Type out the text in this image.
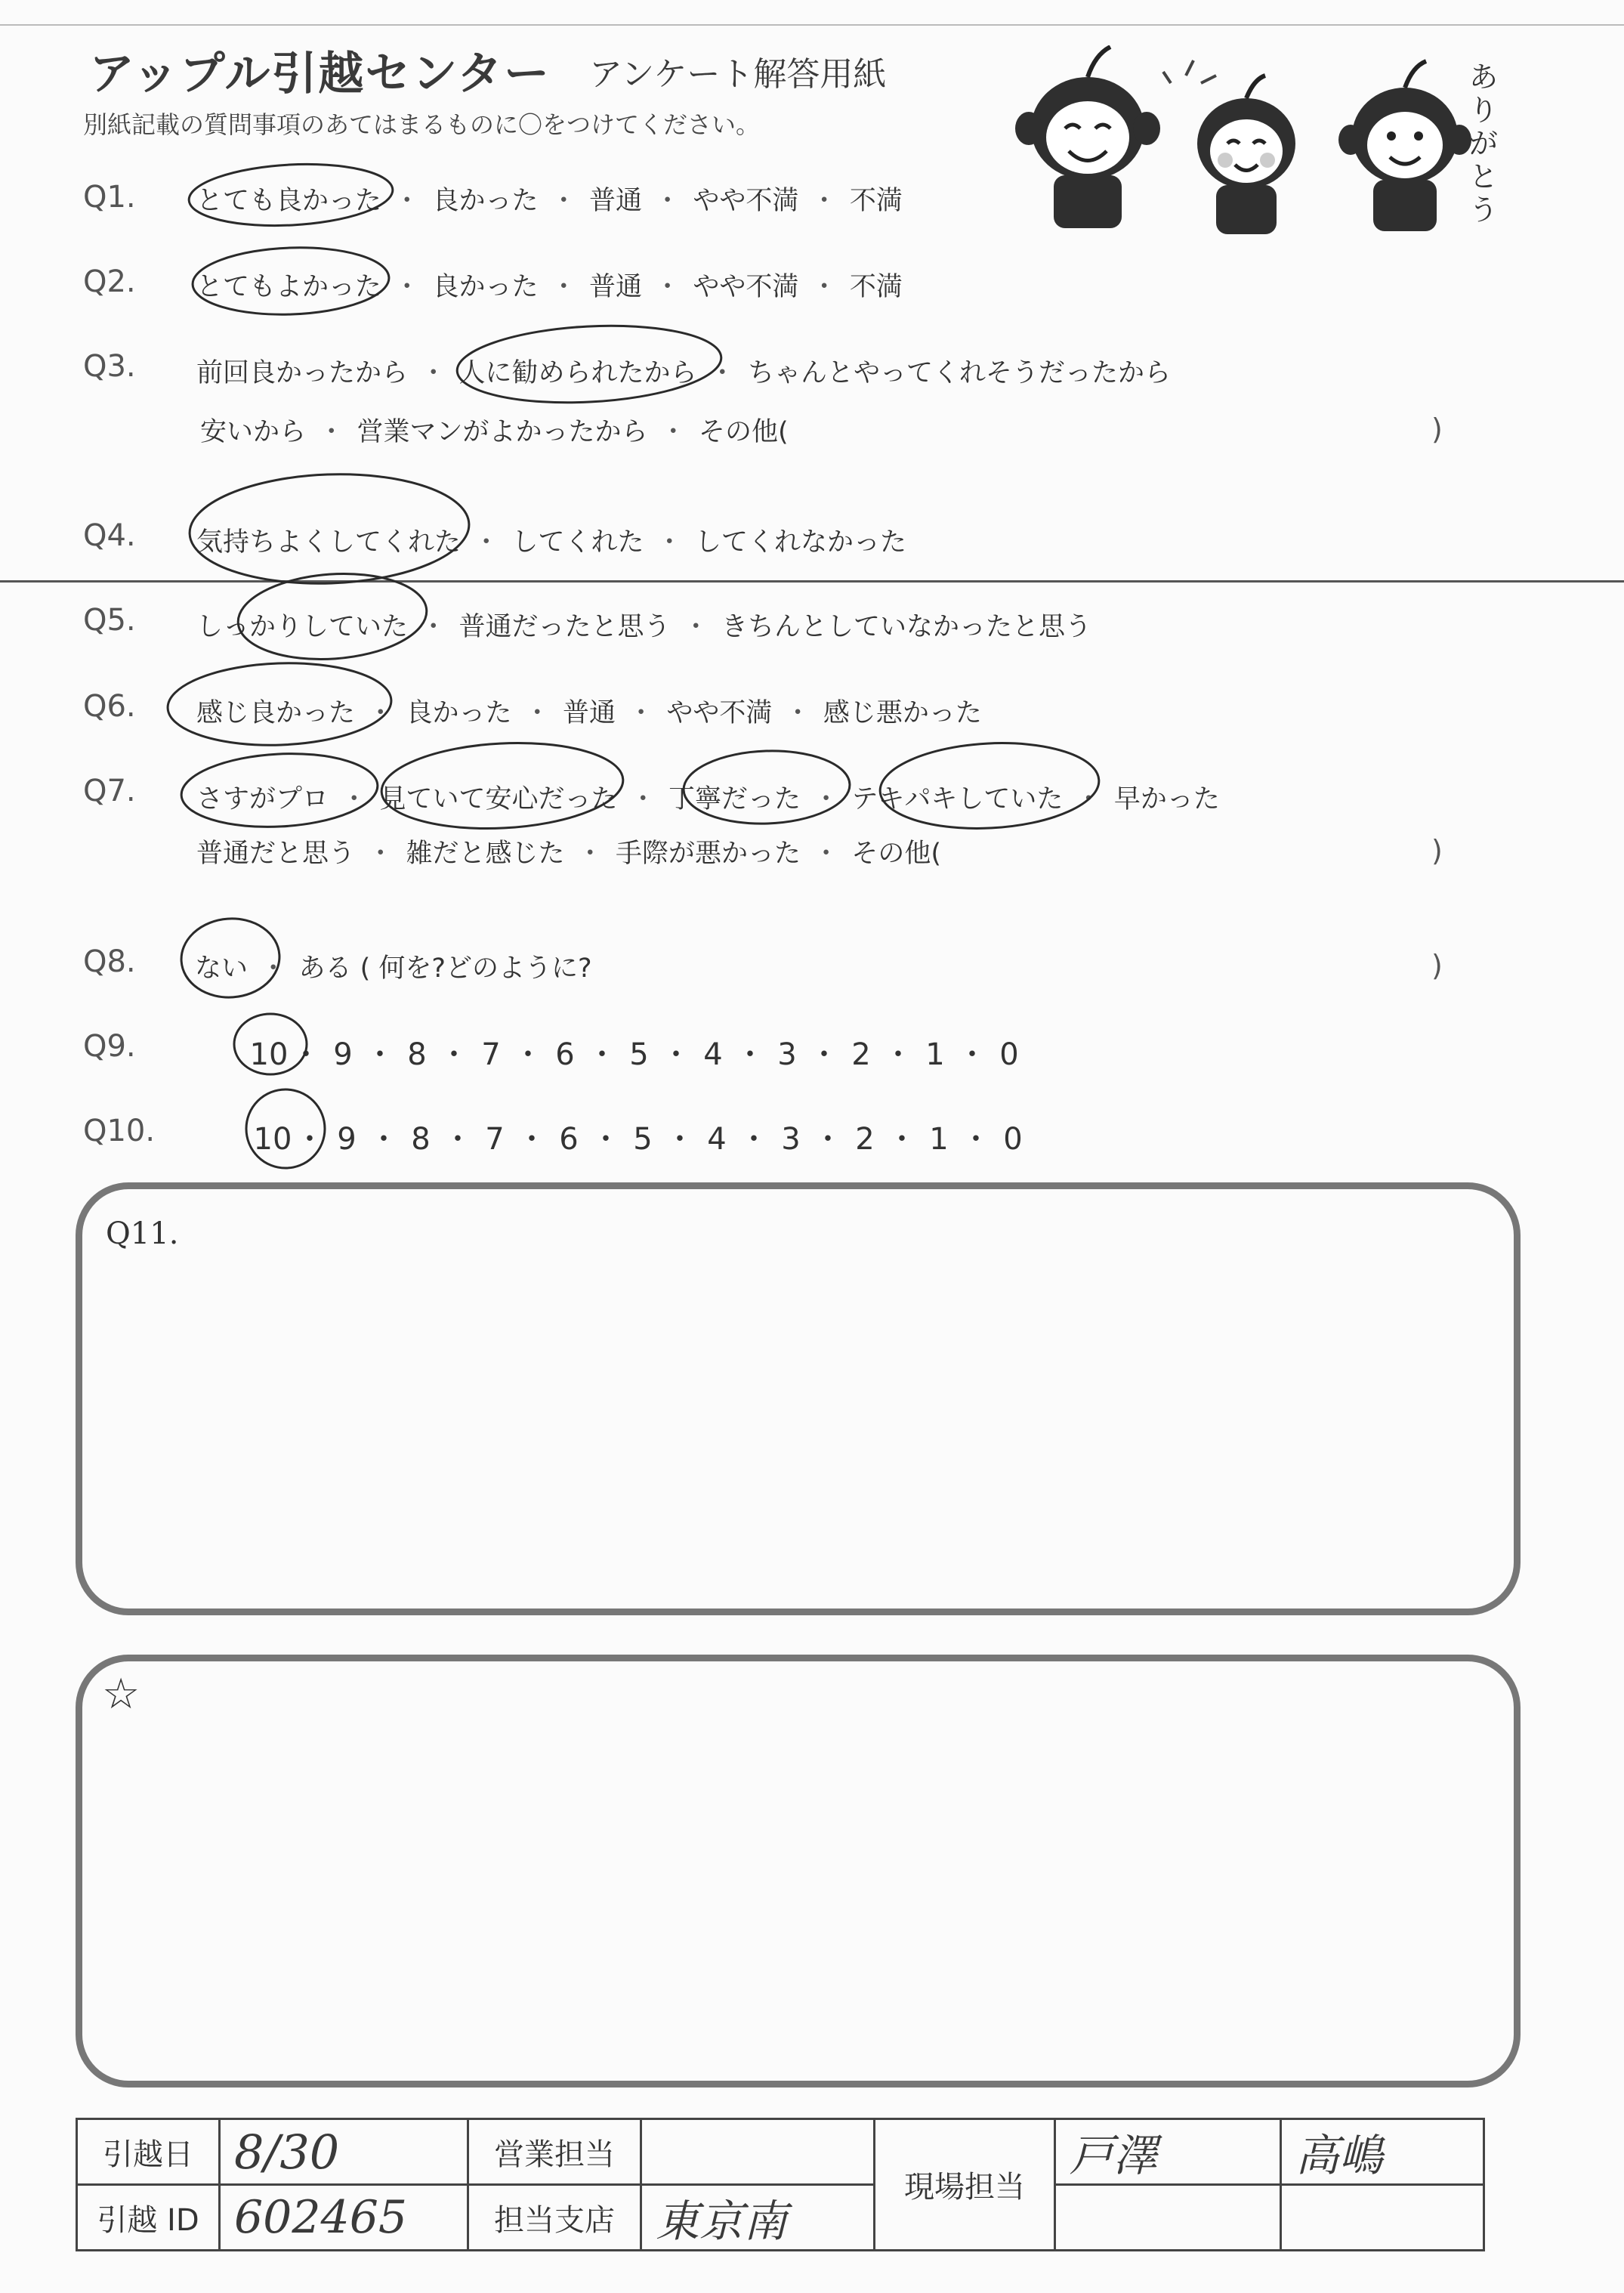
アップル引越センター アンケート解答用紙
別紙記載の質問事項のあてはまるものに〇をつけてください。
ありがとう
Q1. とても良かった  ・  良かった  ・  普通  ・  やや不満  ・  不満
Q2. とてもよかった  ・  良かった  ・  普通  ・  やや不満  ・  不満
Q3. 前回良かったから  ・  人に勧められたから  ・  ちゃんとやってくれそうだったから
安いから  ・  営業マンがよかったから  ・  その他(	)
Q4. 気持ちよくしてくれた  ・  してくれた  ・  してくれなかった
Q5. しっかりしていた  ・  普通だったと思う  ・  きちんとしていなかったと思う
Q6. 感じ良かった  ・  良かった  ・  普通  ・  やや不満  ・  感じ悪かった
Q7. さすがプロ  ・  見ていて安心だった  ・  丁寧だった  ・  テキパキしていた  ・  早かった
普通だと思う  ・  雑だと感じた  ・  手際が悪かった  ・  その他(	)
Q8. ない  ・  ある ( 何を?どのように?	)
Q9.	10・ 9 ・ 8 ・ 7 ・ 6 ・ 5 ・ 4 ・ 3 ・ 2 ・ 1 ・ 0
Q10.	10・ 9 ・ 8 ・ 7 ・ 6 ・ 5 ・ 4 ・ 3 ・ 2 ・ 1 ・ 0
Q11.
☆
引越日	8/30	営業担当		現場担当	戸澤	高嶋
引越 ID	602465	担当支店	東京南			
